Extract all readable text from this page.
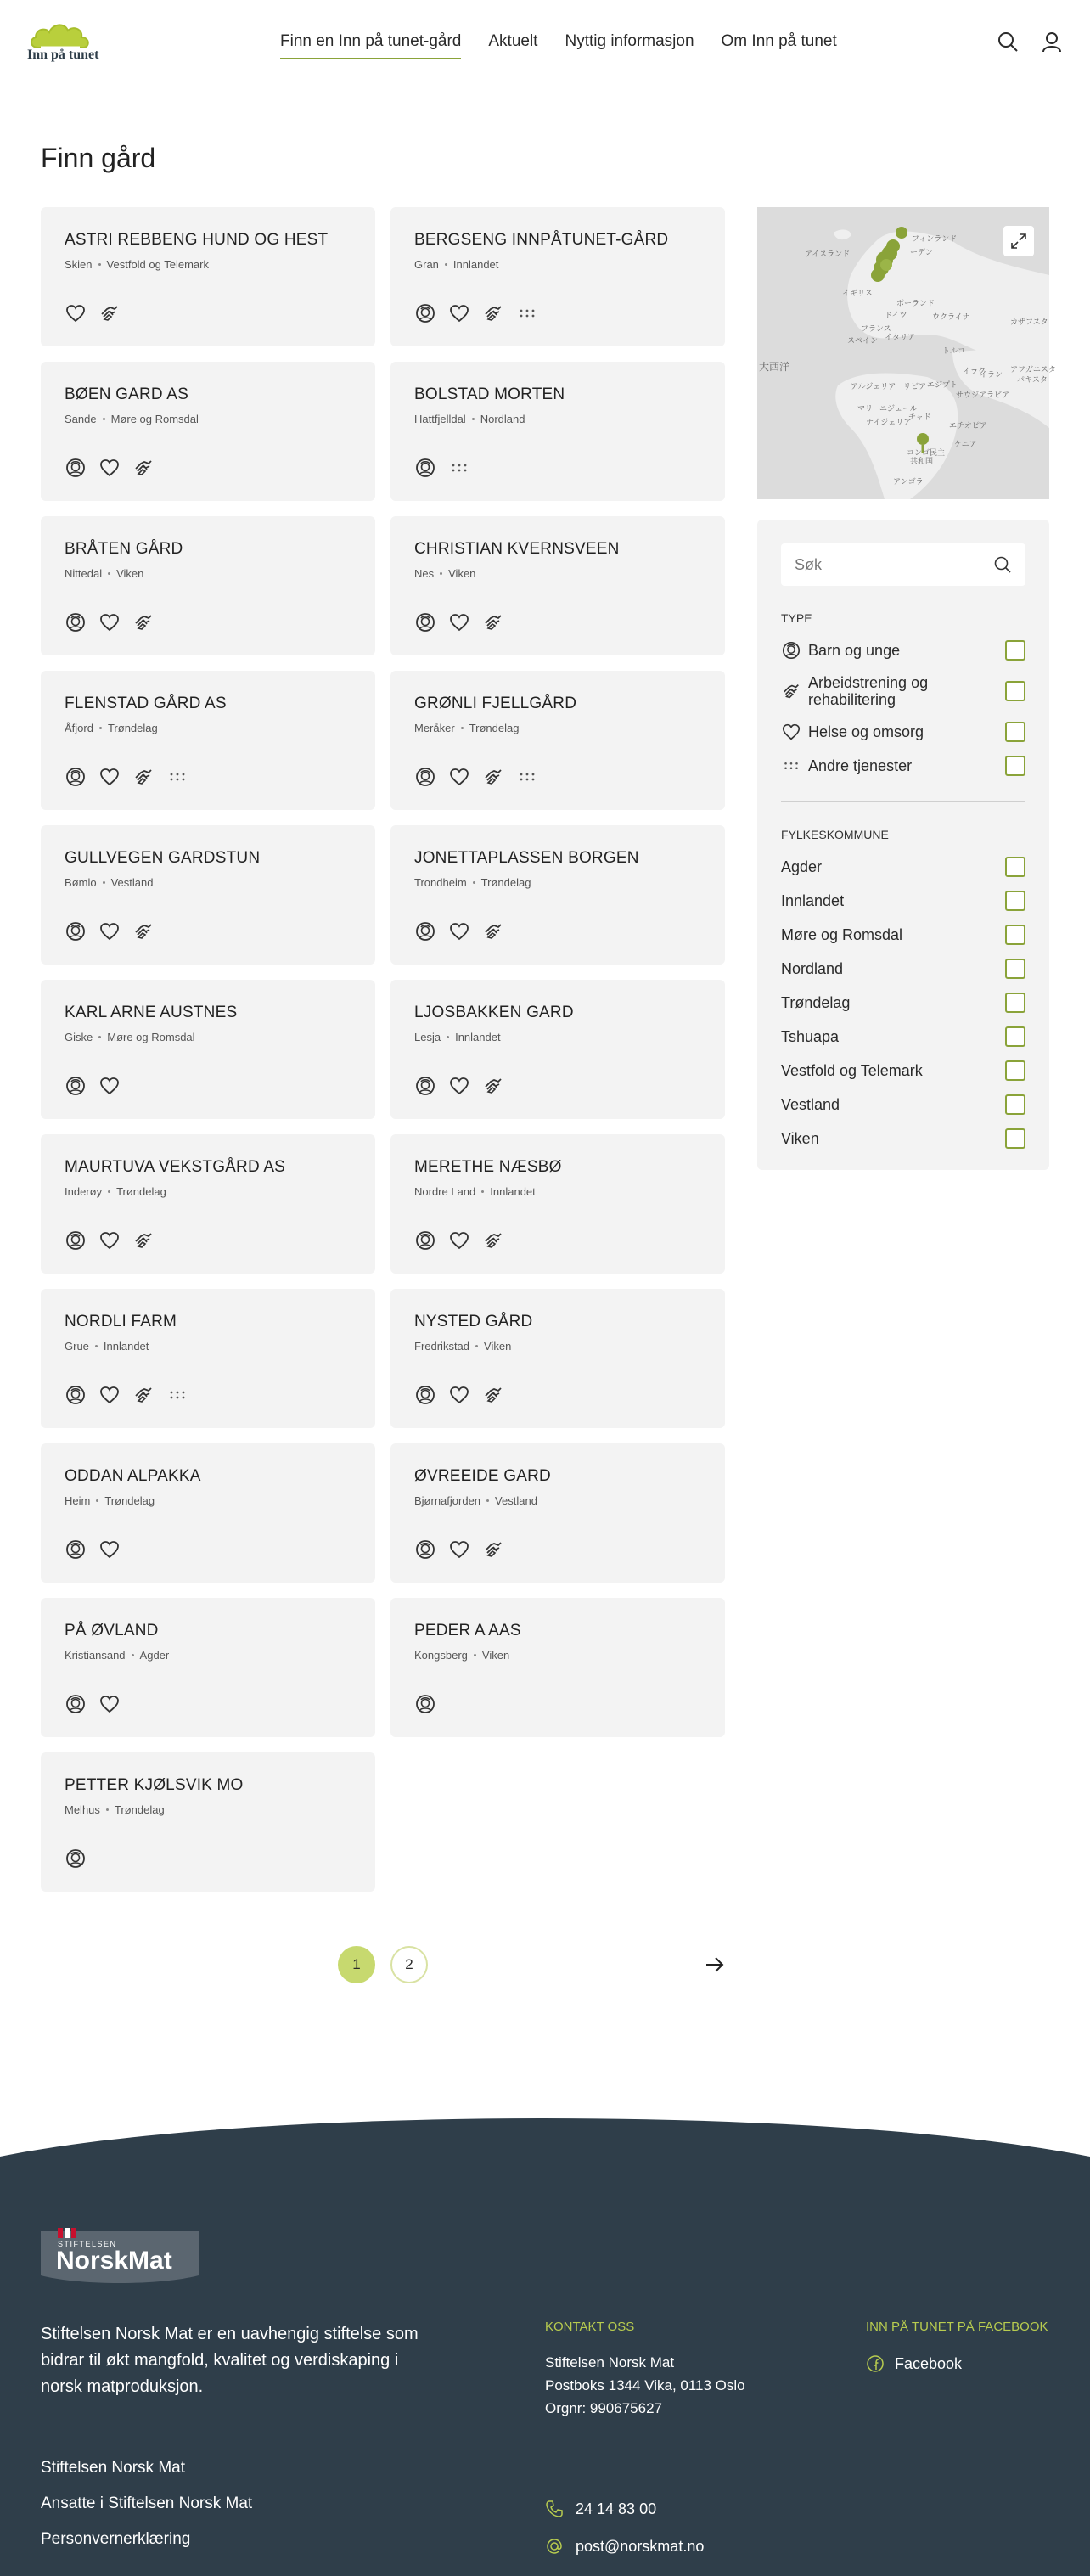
Inn på tunet
Finn en Inn på tunet-gård Aktuelt Nyttig informasjon Om Inn på tunet
Finn gård
ASTRI REBBENG HUND OG HEST
Skien Vestfold og Telemark
BERGSENG INNPÅTUNET-GÅRD
Gran Innlandet
BØEN GARD AS
Sande Møre og Romsdal
BOLSTAD MORTEN
Hattfjelldal Nordland
BRÅTEN GÅRD
Nittedal Viken
CHRISTIAN KVERNSVEEN
Nes Viken
FLENSTAD GÅRD AS
Åfjord Trøndelag
GRØNLI FJELLGÅRD
Meråker Trøndelag
GULLVEGEN GARDSTUN
Bømlo Vestland
JONETTAPLASSEN BORGEN
Trondheim Trøndelag
KARL ARNE AUSTNES
Giske Møre og Romsdal
LJOSBAKKEN GARD
Lesja Innlandet
MAURTUVA VEKSTGÅRD AS
Inderøy Trøndelag
MERETHE NÆSBØ
Nordre Land Innlandet
NORDLI FARM
Grue Innlandet
NYSTED GÅRD
Fredrikstad Viken
ODDAN ALPAKKA
Heim Trøndelag
ØVREEIDE GARD
Bjørnafjorden Vestland
PÅ ØVLAND
Kristiansand Agder
PEDER A AAS
Kongsberg Viken
PETTER KJØLSVIK MO
Melhus Trøndelag
アイスランド
フィンランド
ーデン
イギリス
ポーランド
ドイツ	ウクライナ
フランス
カザフスタ
スペイン イタリア
トルコ
大西洋	イラク	アフガニスタ
イラン
パキスタ
アルジェリア リビア エジプト
サウジアラビア
マリ ニジェール
チャド
ナイジェリア	エチオピア
コンゴ民主
共和国
ケニア
アンゴラ
Søk
TYPE
Barn og unge
Arbeidstrening og rehabilitering
Helse og omsorg
Andre tjenester
FYLKESKOMMUNE
Agder
Innlandet
Møre og Romsdal
Nordland
Trøndelag
Tshuapa
Vestfold og Telemark
Vestland
Viken
1	2
STIFTELSEN
NorskMat
Stiftelsen Norsk Mat er en uavhengig stiftelse som bidrar til økt mangfold, kvalitet og verdiskaping i norsk matproduksjon.
Stiftelsen Norsk Mat
Ansatte i Stiftelsen Norsk Mat
Personvernerklæring
KONTAKT OSS
Stiftelsen Norsk Mat
Postboks 1344 Vika, 0113 Oslo
Orgnr: 990675627
24 14 83 00
post@norskmat.no
INN PÅ TUNET PÅ FACEBOOK
Facebook
